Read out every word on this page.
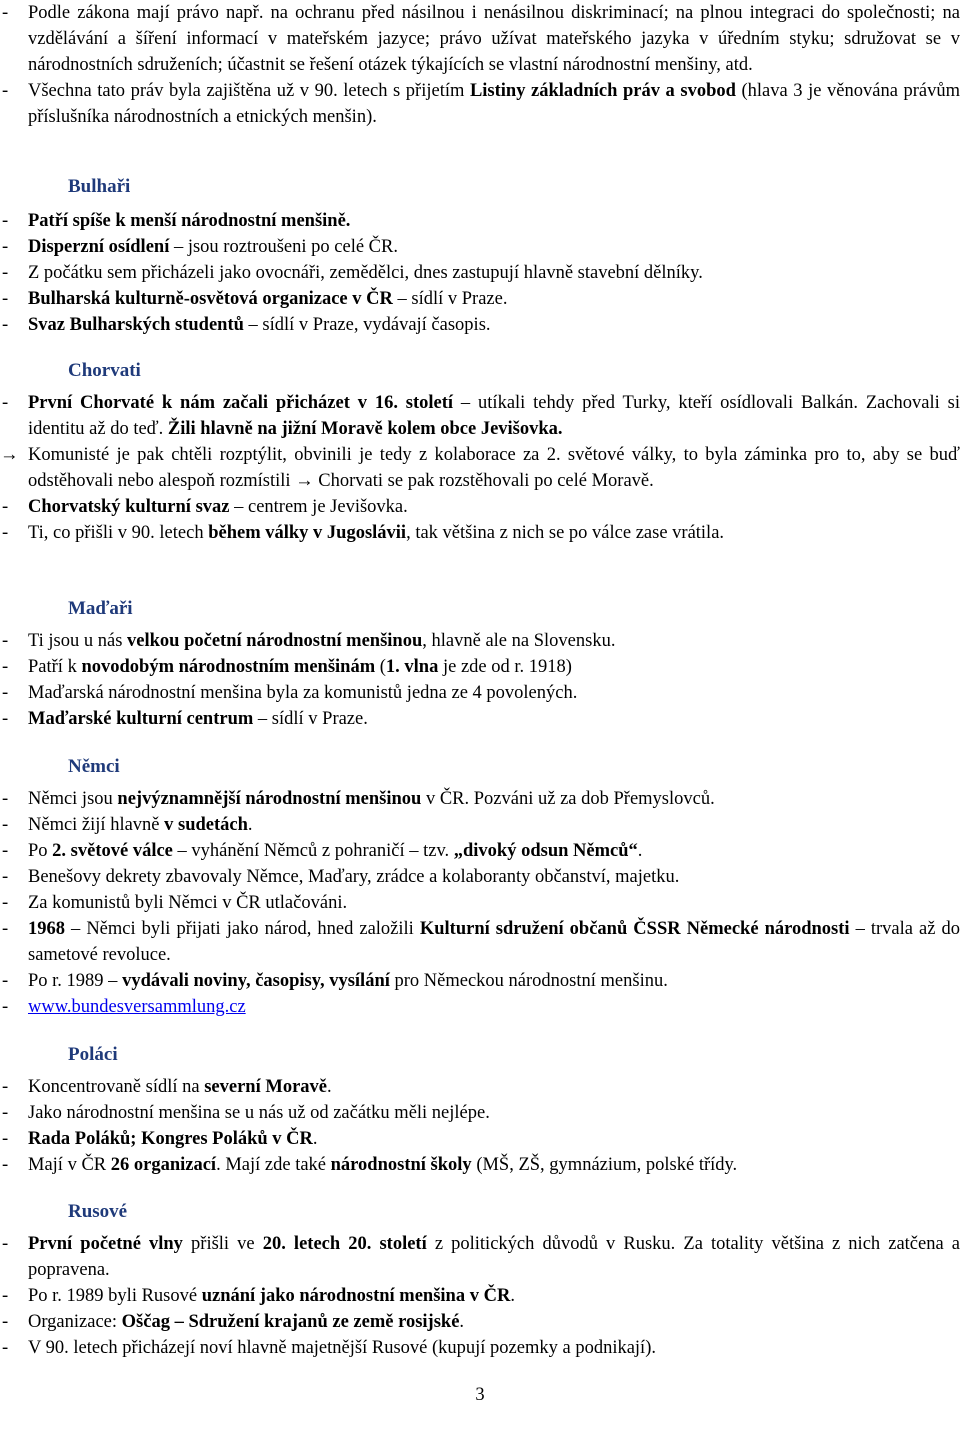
- Podle zákona mají právo např. na ochranu před násilnou i nenásilnou diskriminací; na plnou integraci do společnosti; na vzdělávání a šíření informací v mateřském jazyce; právo užívat mateřského jazyka v úředním styku; sdružovat se v národnostních sdruženích; účastnit se řešení otázek týkajících se vlastní národnostní menšiny, atd.

- Všechna tato práv byla zajištěna už v 90. letech s přijetím Listiny základních práv a svobod (hlava 3 je věnována právům příslušníka národnostních a etnických menšin).

Bulhaři

- Patří spíše k menší národnostní menšině.

- Disperzní osídlení – jsou roztroušeni po celé ČR.

- Z počátku sem přicházeli jako ovocnáři, zemědělci, dnes zastupují hlavně stavební dělníky.

- Bulharská kulturně-osvětová organizace v ČR – sídlí v Praze.

- Svaz Bulharských studentů – sídlí v Praze, vydávají časopis.

Chorvati

- První Chorvaté k nám začali přicházet v 16. století – utíkali tehdy před Turky, kteří osídlovali Balkán. Zachovali si identitu až do teď. Žili hlavně na jižní Moravě kolem obce Jevišovka.

→ Komunisté je pak chtěli rozptýlit, obvinili je tedy z kolaborace za 2. světové války, to byla záminka pro to, aby se buď odstěhovali nebo alespoň rozmístili → Chorvati se pak rozstěhovali po celé Moravě.

- Chorvatský kulturní svaz – centrem je Jevišovka.

- Ti, co přišli v 90. letech během války v Jugoslávii, tak většina z nich se po válce zase vrátila.

Maďaři

- Ti jsou u nás velkou početní národnostní menšinou, hlavně ale na Slovensku.

- Patří k novodobým národnostním menšinám (1. vlna je zde od r. 1918)

- Maďarská národnostní menšina byla za komunistů jedna ze 4 povolených.

- Maďarské kulturní centrum – sídlí v Praze.

Němci

- Němci jsou nejvýznamnější národnostní menšinou v ČR. Pozváni už za dob Přemyslovců.

- Němci žijí hlavně v sudetách.

- Po 2. světové válce – vyhánění Němců z pohraničí – tzv. „divoký odsun Němců“.

- Benešovy dekrety zbavovaly Němce, Maďary, zrádce a kolaboranty občanství, majetku.

- Za komunistů byli Němci v ČR utlačováni.

- 1968 – Němci byli přijati jako národ, hned založili Kulturní sdružení občanů ČSSR Německé národnosti – trvala až do sametové revoluce.

- Po r. 1989 – vydávali noviny, časopisy, vysílání pro Německou národnostní menšinu.

- www.bundesversammlung.cz

Poláci

- Koncentrovaně sídlí na severní Moravě.

- Jako národnostní menšina se u nás už od začátku měli nejlépe.

- Rada Poláků; Kongres Poláků v ČR.

- Mají v ČR 26 organizací. Mají zde také národnostní školy (MŠ, ZŠ, gymnázium, polské třídy.

Rusové

- První početné vlny přišli ve 20. letech 20. století z politických důvodů v Rusku. Za totality většina z nich zatčena a popravena.

- Po r. 1989 byli Rusové uznání jako národnostní menšina v ČR.

- Organizace: Oščag – Sdružení krajanů ze země rosijské.

- V 90. letech přicházejí noví hlavně majetnější Rusové (kupují pozemky a podnikají).

3
